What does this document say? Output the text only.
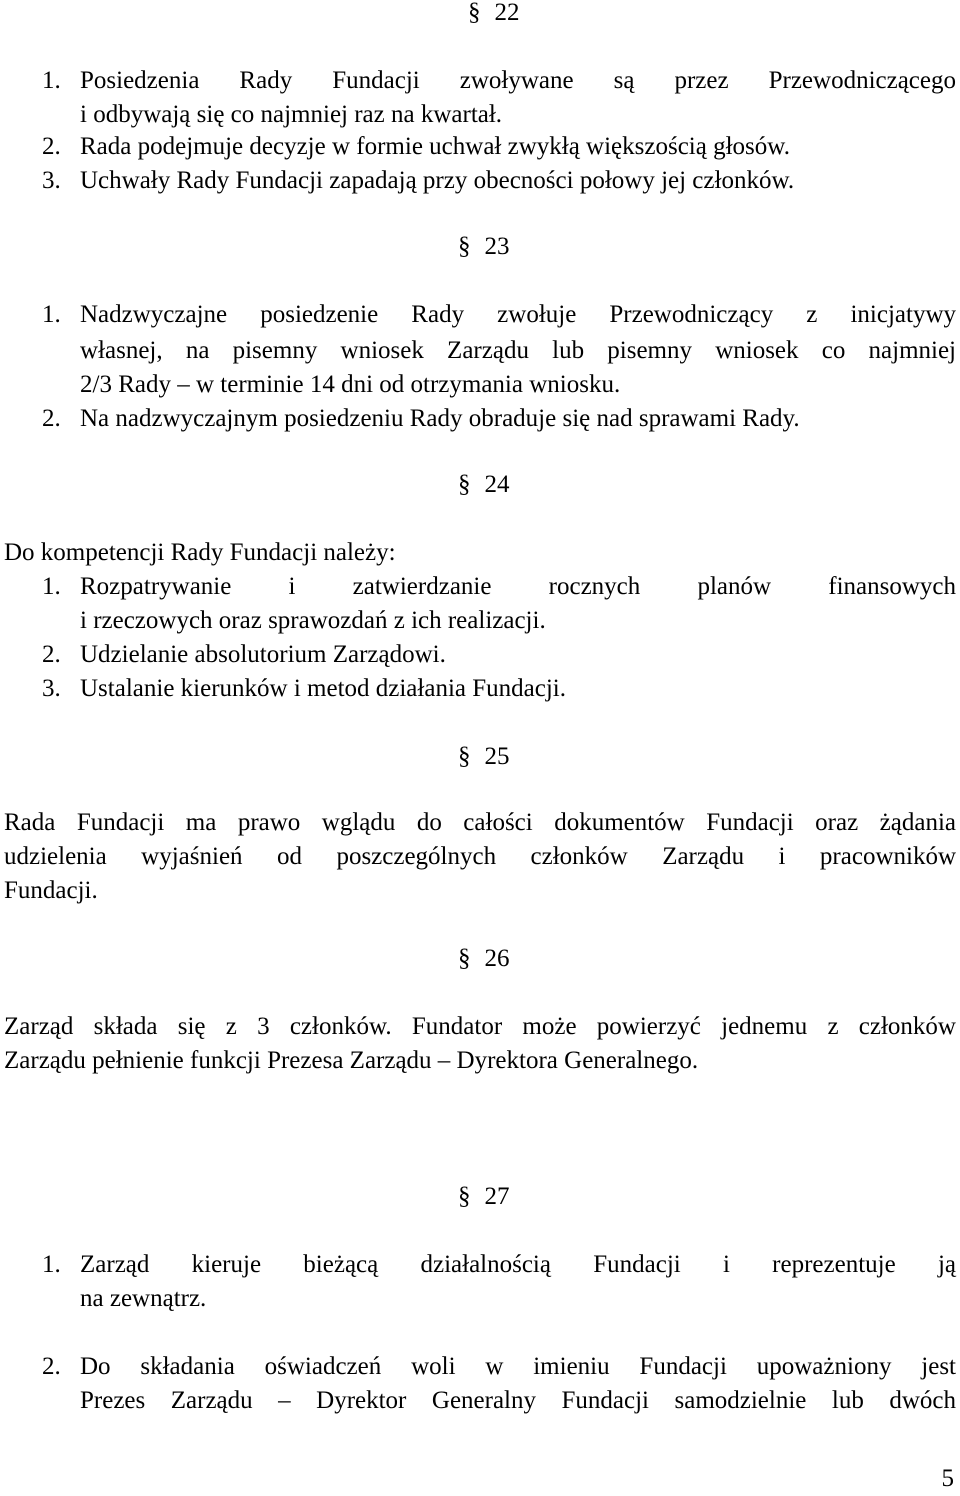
§ 22
1. Posiedzenia Rady Fundacji zwoływane są przez Przewodniczącego
i odbywają się co najmniej raz na kwartał.
2. Rada podejmuje decyzje w formie uchwał zwykłą większością głosów.
3. Uchwały Rady Fundacji zapadają przy obecności połowy jej członków.
§ 23
1. Nadzwyczajne posiedzenie Rady zwołuje Przewodniczący z inicjatywy
własnej, na pisemny wniosek Zarządu lub pisemny wniosek co najmniej
2/3 Rady – w terminie 14 dni od otrzymania wniosku.
2. Na nadzwyczajnym posiedzeniu Rady obraduje się nad sprawami Rady.
§ 24
Do kompetencji Rady Fundacji należy:
1. Rozpatrywanie i zatwierdzanie rocznych planów finansowych
i rzeczowych oraz sprawozdań z ich realizacji.
2. Udzielanie absolutorium Zarządowi.
3. Ustalanie kierunków i metod działania Fundacji.
§ 25
Rada Fundacji ma prawo wglądu do całości dokumentów Fundacji oraz żądania
udzielenia wyjaśnień od poszczególnych członków Zarządu i pracowników
Fundacji.
§ 26
Zarząd składa się z 3 członków. Fundator może powierzyć jednemu z członków
Zarządu pełnienie funkcji Prezesa Zarządu – Dyrektora Generalnego.
§ 27
1. Zarząd kieruje bieżącą działalnością Fundacji i reprezentuje ją
na zewnątrz.
2. Do składania oświadczeń woli w imieniu Fundacji upoważniony jest
Prezes Zarządu – Dyrektor Generalny Fundacji samodzielnie lub dwóch
5
